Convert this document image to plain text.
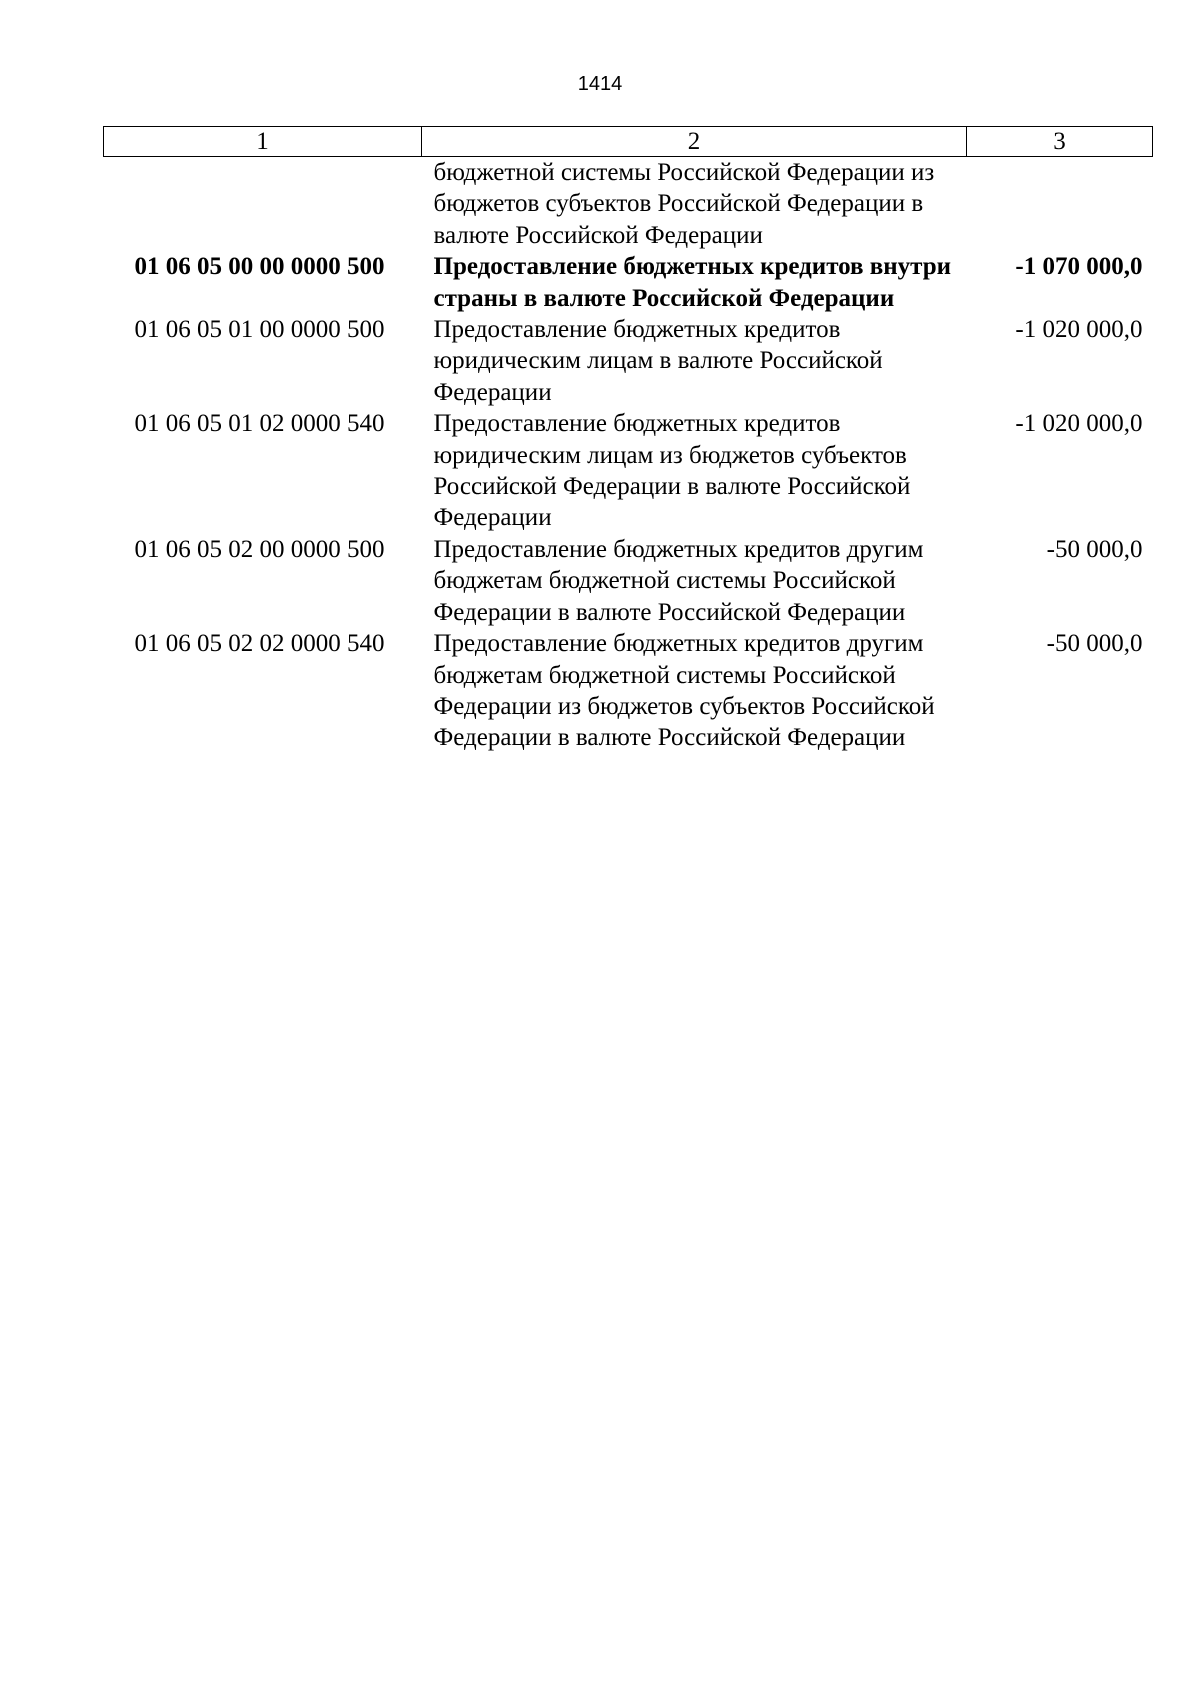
1414
1	2	3
	бюджетной системы Российской Федерации из бюджетов субъектов Российской Федерации в валюте Российской Федерации	
01 06 05 00 00 0000 500	Предоставление бюджетных кредитов внутри страны в валюте Российской Федерации	-1 070 000,0
01 06 05 01 00 0000 500	Предоставление бюджетных кредитов юридическим лицам в валюте Российской Федерации	-1 020 000,0
01 06 05 01 02 0000 540	Предоставление бюджетных кредитов юридическим лицам из бюджетов субъектов Российской Федерации в валюте Российской Федерации	-1 020 000,0
01 06 05 02 00 0000 500	Предоставление бюджетных кредитов другим бюджетам бюджетной системы Российской Федерации в валюте Российской Федерации	-50 000,0
01 06 05 02 02 0000 540	Предоставление бюджетных кредитов другим бюджетам бюджетной системы Российской Федерации из бюджетов субъектов Российской Федерации в валюте Российской Федерации	-50 000,0
